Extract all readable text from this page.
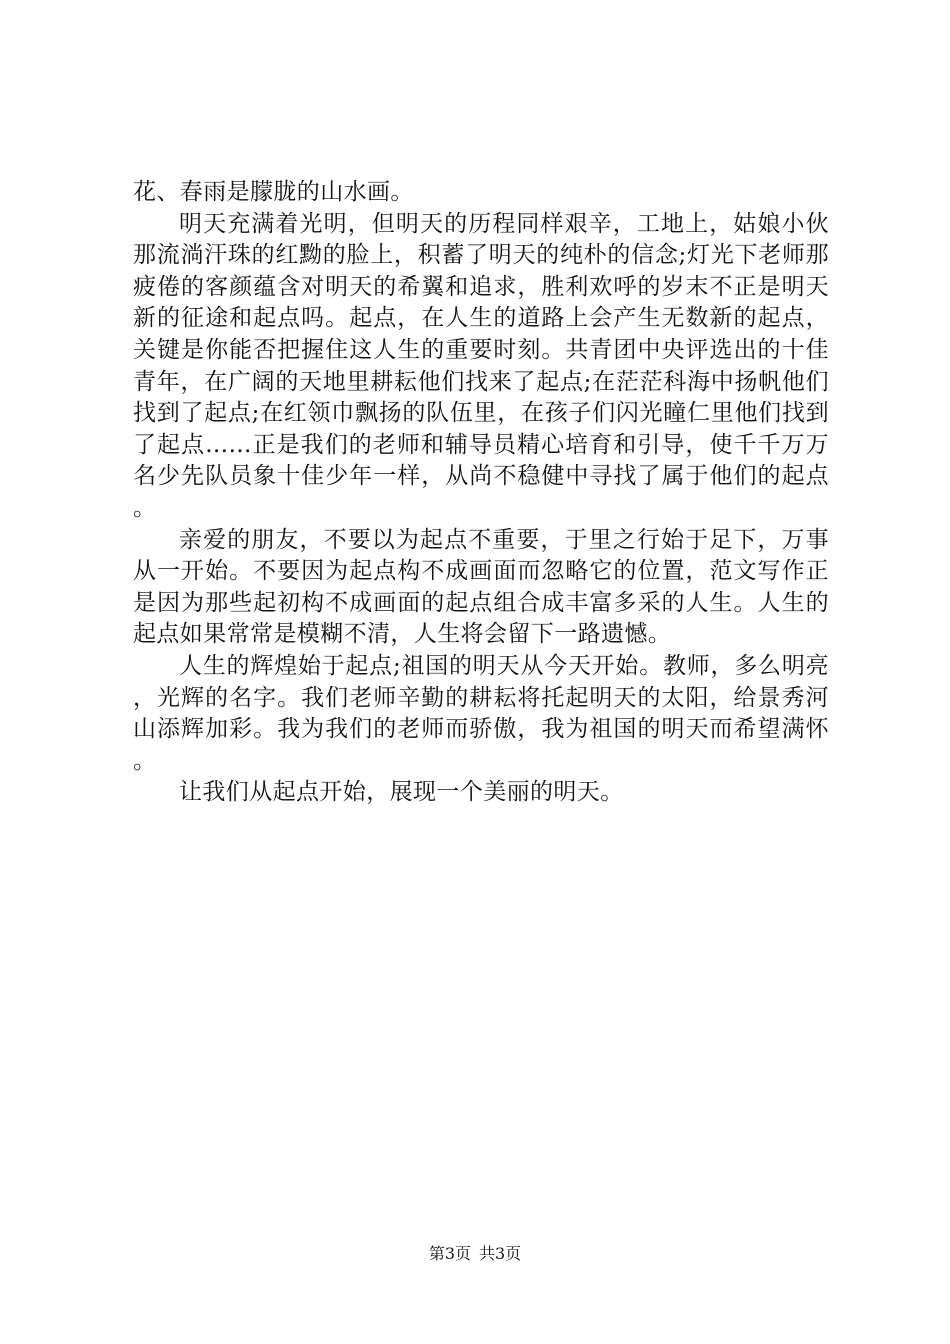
花、春雨是朦胧的山水画。

明天充满着光明，但明天的历程同样艰辛，工地上，姑娘小伙那流淌汗珠的红黝的脸上，积蓄了明天的纯朴的信念;灯光下老师那疲倦的客颜蕴含对明天的希翼和追求，胜利欢呼的岁末不正是明天新的征途和起点吗。起点，在人生的道路上会产生无数新的起点，关键是你能否把握住这人生的重要时刻。共青团中央评选出的十佳青年，在广阔的天地里耕耘他们找来了起点;在茫茫科海中扬帆他们找到了起点;在红领巾飘扬的队伍里，在孩子们闪光瞳仁里他们找到了起点……正是我们的老师和辅导员精心培育和引导，使千千万万名少先队员象十佳少年一样，从尚不稳健中寻找了属于他们的起点。

亲爱的朋友，不要以为起点不重要，于里之行始于足下，万事从一开始。不要因为起点构不成画面而忽略它的位置，范文写作正是因为那些起初构不成画面的起点组合成丰富多采的人生。人生的起点如果常常是模糊不清，人生将会留下一路遗憾。

人生的辉煌始于起点;祖国的明天从今天开始。教师，多么明亮，光辉的名字。我们老师辛勤的耕耘将托起明天的太阳，给景秀河山添辉加彩。我为我们的老师而骄傲，我为祖国的明天而希望满怀。

让我们从起点开始，展现一个美丽的明天。

第3页 共3页
